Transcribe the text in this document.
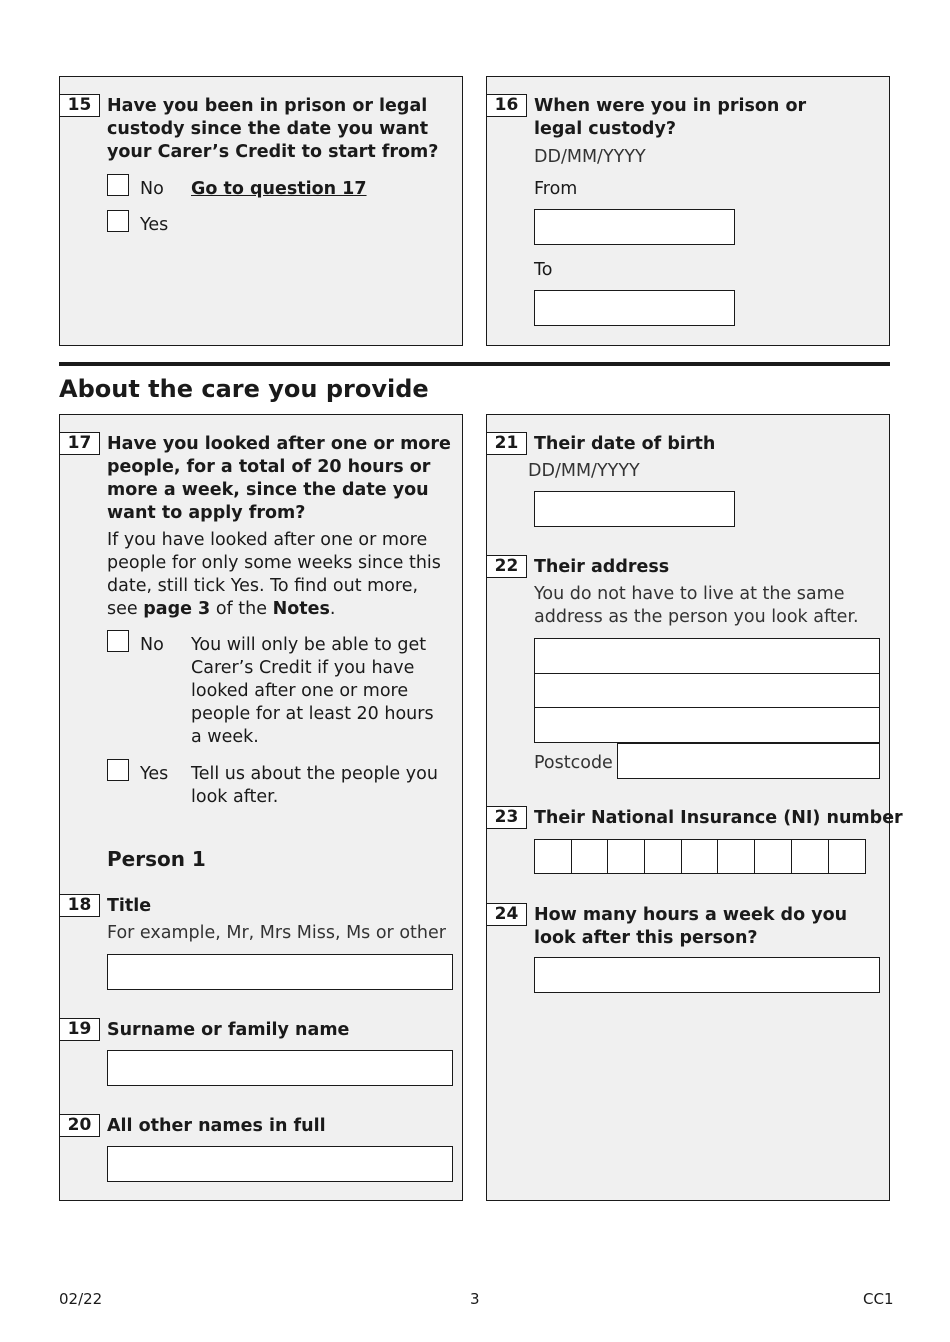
15 Have you been in prison or legal custody since the date you want your Carer’s Credit to start from?
No Go to question 17
Yes
16 When were you in prison or legal custody?
DD/MM/YYYY
From
To
About the care you provide
17 Have you looked after one or more people, for a total of 20 hours or more a week, since the date you want to apply from?
If you have looked after one or more people for only some weeks since this date, still tick Yes. To find out more, see page 3 of the Notes.
No You will only be able to get Carer’s Credit if you have looked after one or more people for at least 20 hours a week.
Yes Tell us about the people you look after.
Person 1
18 Title
For example, Mr, Mrs Miss, Ms or other
19 Surname or family name
20 All other names in full
21 Their date of birth
DD/MM/YYYY
22 Their address
You do not have to live at the same address as the person you look after.
Postcode
23 Their National Insurance (NI) number
24 How many hours a week do you look after this person?
02/22	3	CC1
